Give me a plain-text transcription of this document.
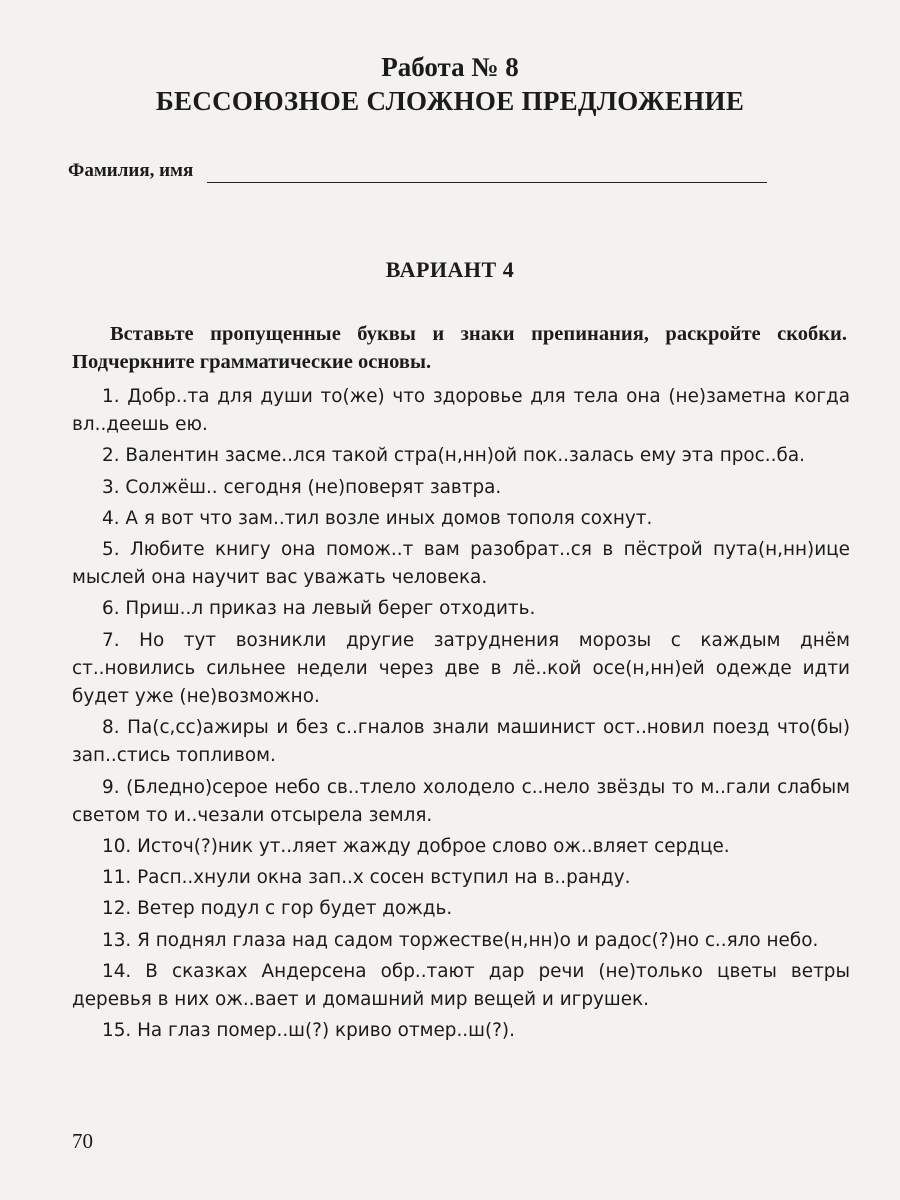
Работа № 8

БЕССОЮЗНОЕ СЛОЖНОЕ ПРЕДЛОЖЕНИЕ

Фамилия, имя
ВАРИАНТ 4

Вставьте пропущенные буквы и знаки препинания, раскройте скобки. Подчеркните грамматические основы.

1. Добр..та для души то(же) что здоровье для тела она (не)заметна когда вл..деешь ею.
2. Валентин засме..лся такой стра(н,нн)ой пок..залась ему эта прос..ба.
3. Солжёш.. сегодня (не)поверят завтра.
4. А я вот что зам..тил возле иных домов тополя сохнут.
5. Любите книгу она помож..т вам разобрат..ся в пёстрой пута(н,нн)ице мыслей она научит вас уважать человека.
6. Приш..л приказ на левый берег отходить.
7. Но тут возникли другие затруднения морозы с каждым днём ст..новились сильнее недели через две в лё..кой осе(н,нн)ей одежде идти будет уже (не)возможно.
8. Па(с,сс)ажиры и без с..гналов знали машинист ост..новил поезд что(бы) зап..стись топливом.
9. (Бледно)серое небо св..тлело холодело с..нело звёзды то м..гали слабым светом то и..чезали отсырела земля.
10. Источ(?)ник ут..ляет жажду доброе слово ож..вляет сердце.
11. Расп..хнули окна зап..х сосен вступил на в..ранду.
12. Ветер подул с гор будет дождь.
13. Я поднял глаза над садом торжестве(н,нн)о и радос(?)но с..яло небо.
14. В сказках Андерсена обр..тают дар речи (не)только цветы ветры деревья в них ож..вает и домашний мир вещей и игрушек.
15. На глаз помер..ш(?) криво отмер..ш(?).
70
